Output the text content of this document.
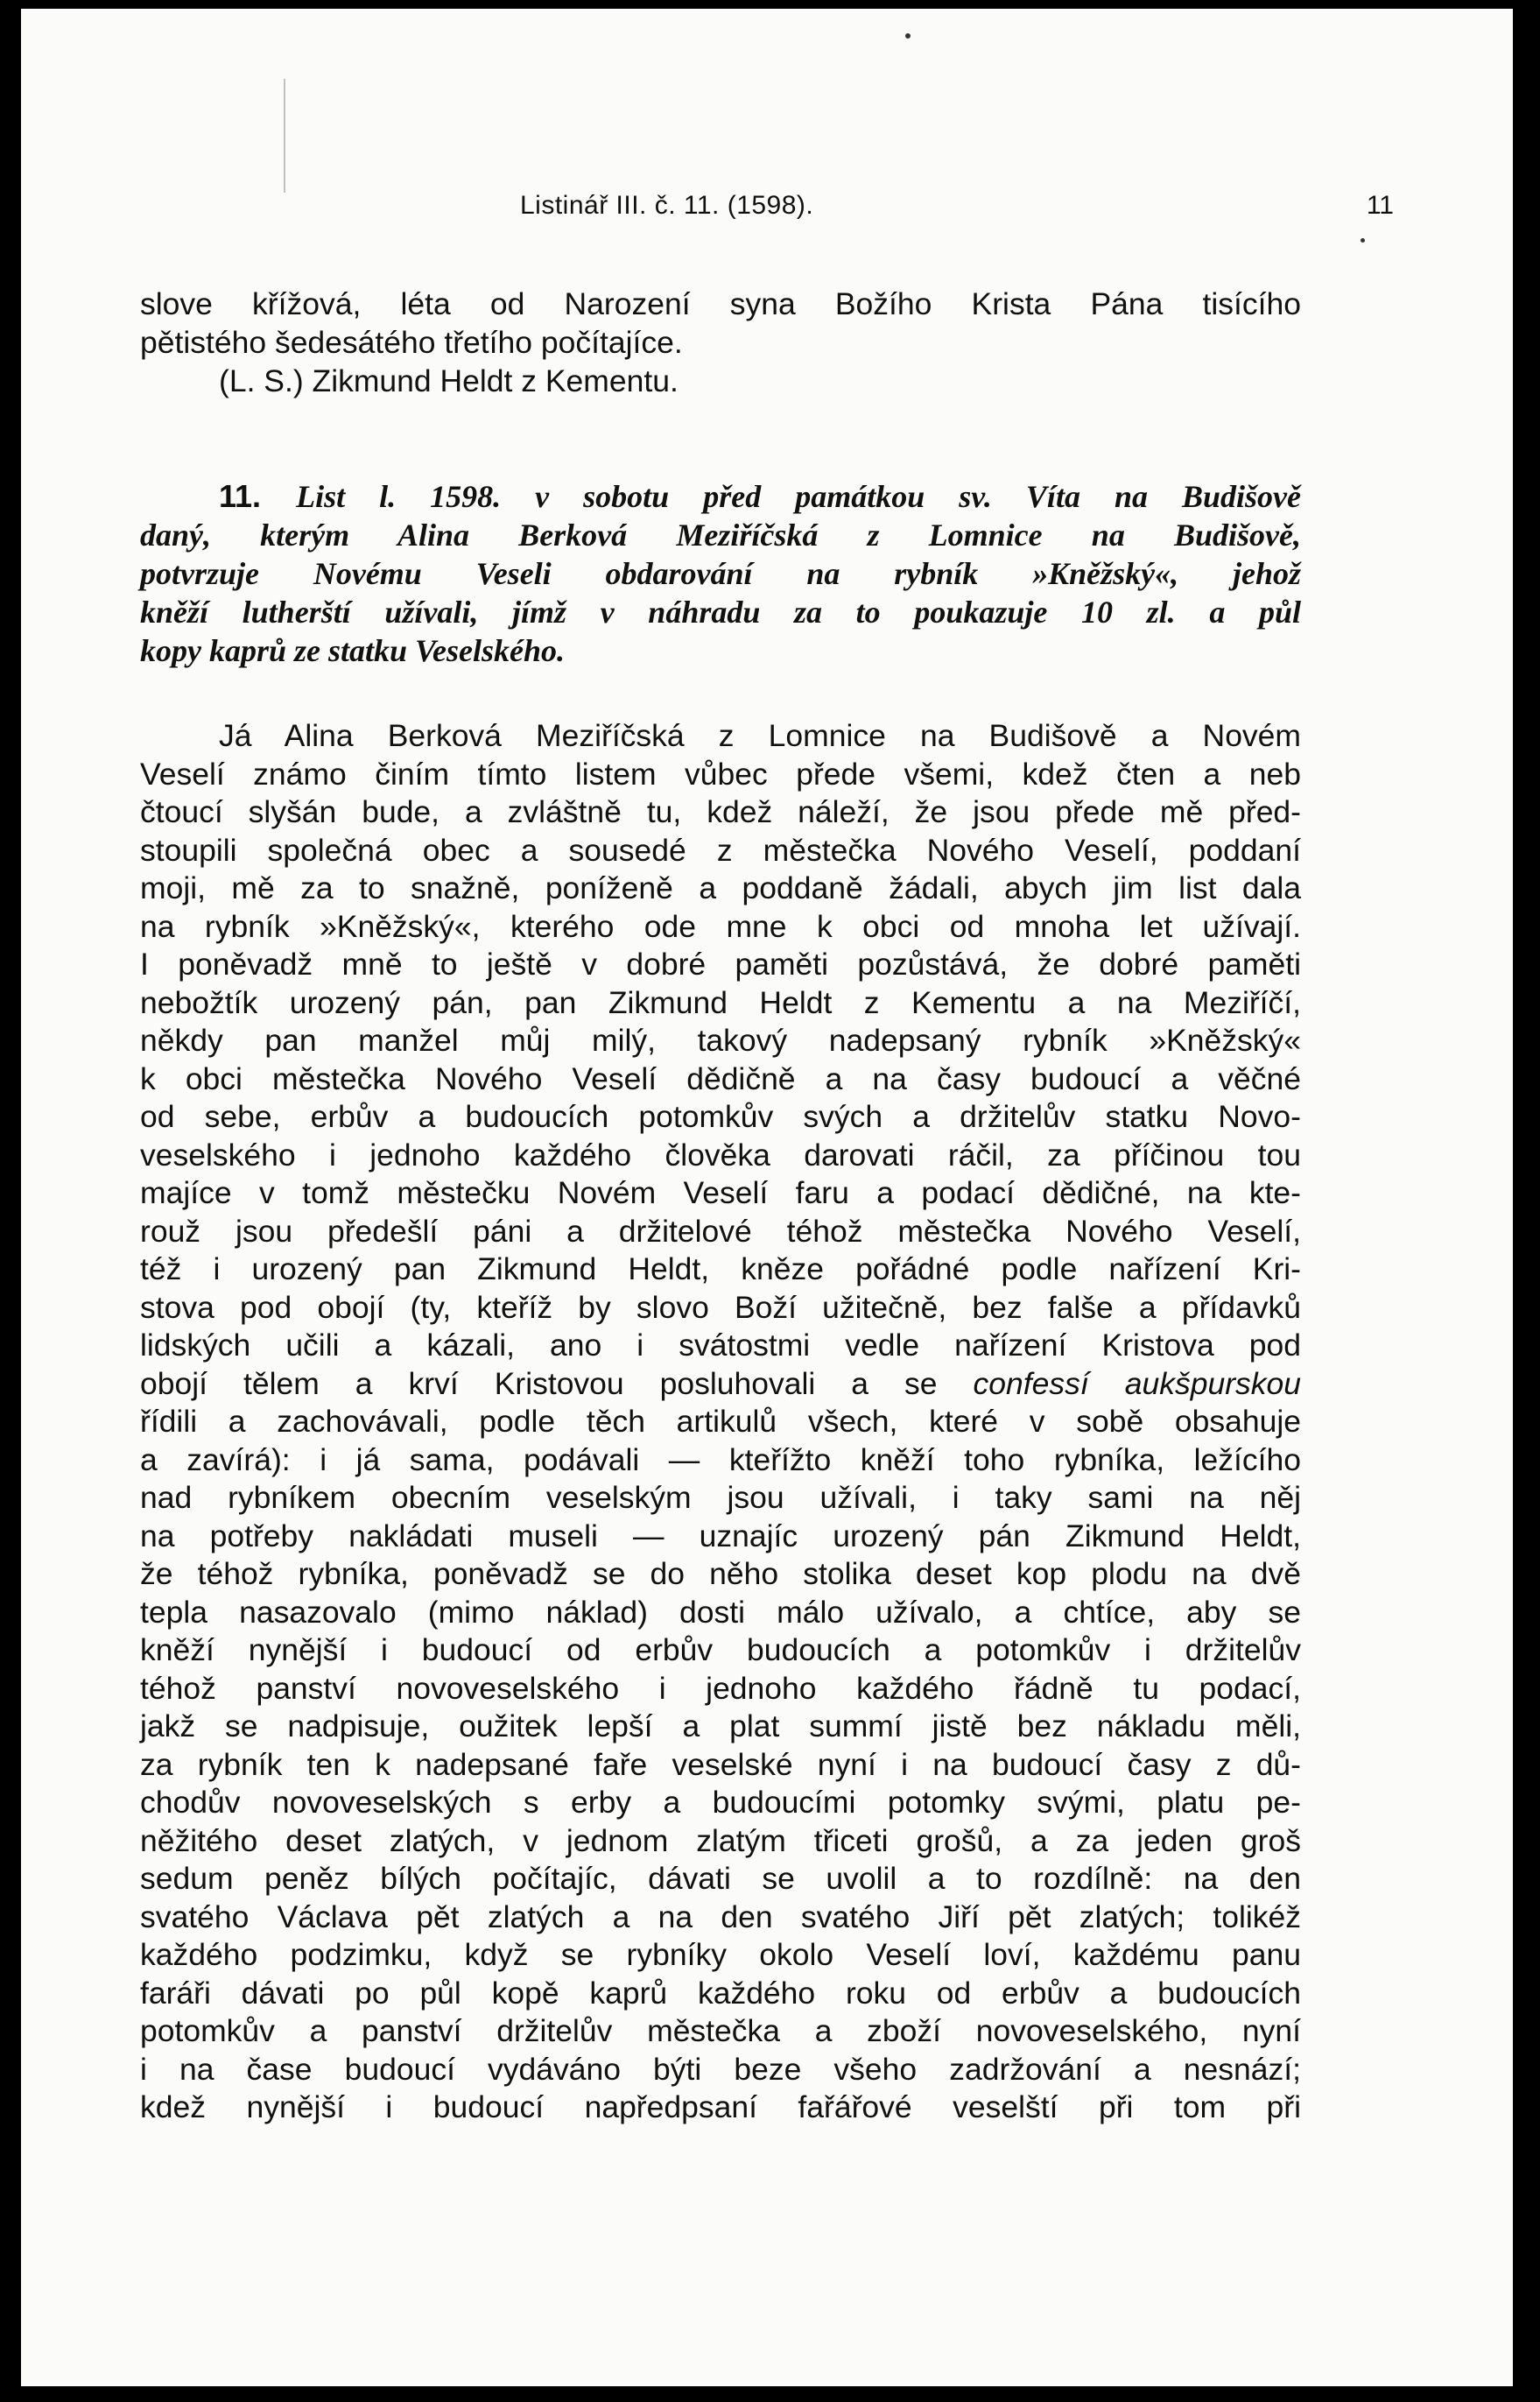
Listinář III. č. 11. (1598).	11
slove křížová, léta od Narození syna Božího Krista Pána tisícího
pětistého šedesátého třetího počítajíce.
(L. S.) Zikmund Heldt z Kementu.
11. List l. 1598. v sobotu před památkou sv. Víta na Budišově
daný, kterým Alina Berková Meziříčská z Lomnice na Budišově,
potvrzuje Novému Veseli obdarování na rybník »Kněžský«, jehož
kněží lutherští užívali, jímž v náhradu za to poukazuje 10 zl. a půl
kopy kaprů ze statku Veselského.
Já Alina Berková Meziříčská z Lomnice na Budišově a Novém
Veselí známo činím tímto listem vůbec přede všemi, kdež čten a neb
čtoucí slyšán bude, a zvláštně tu, kdež náleží, že jsou přede mě před-
stoupili společná obec a sousedé z městečka Nového Veselí, poddaní
moji, mě za to snažně, poníženě a poddaně žádali, abych jim list dala
na rybník »Kněžský«, kterého ode mne k obci od mnoha let užívají.
I poněvadž mně to ještě v dobré paměti pozůstává, že dobré paměti
nebožtík urozený pán, pan Zikmund Heldt z Kementu a na Meziříčí,
někdy pan manžel můj milý, takový nadepsaný rybník »Kněžský«
k obci městečka Nového Veselí dědičně a na časy budoucí a věčné
od sebe, erbův a budoucích potomkův svých a držitelův statku Novo-
veselského i jednoho každého člověka darovati ráčil, za příčinou tou
majíce v tomž městečku Novém Veselí faru a podací dědičné, na kte-
rouž jsou předešlí páni a držitelové téhož městečka Nového Veselí,
též i urozený pan Zikmund Heldt, kněze pořádné podle nařízení Kri-
stova pod obojí (ty, kteříž by slovo Boží užitečně, bez falše a přídavků
lidských učili a kázali, ano i svátostmi vedle nařízení Kristova pod
obojí tělem a krví Kristovou posluhovali a se confessí aukšpurskou
řídili a zachovávali, podle těch artikulů všech, které v sobě obsahuje
a zavírá): i já sama, podávali — kteřížto kněží toho rybníka, ležícího
nad rybníkem obecním veselským jsou užívali, i taky sami na něj
na potřeby nakládati museli — uznajíc urozený pán Zikmund Heldt,
že téhož rybníka, poněvadž se do něho stolika deset kop plodu na dvě
tepla nasazovalo (mimo náklad) dosti málo užívalo, a chtíce, aby se
kněží nynější i budoucí od erbův budoucích a potomkův i držitelův
téhož panství novoveselského i jednoho každého řádně tu podací,
jakž se nadpisuje, oužitek lepší a plat summí jistě bez nákladu měli,
za rybník ten k nadepsané faře veselské nyní i na budoucí časy z dů-
chodův novoveselských s erby a budoucími potomky svými, platu pe-
něžitého deset zlatých, v jednom zlatým třiceti grošů, a za jeden groš
sedum peněz bílých počítajíc, dávati se uvolil a to rozdílně: na den
svatého Václava pět zlatých a na den svatého Jiří pět zlatých; tolikéž
každého podzimku, když se rybníky okolo Veselí loví, každému panu
faráři dávati po půl kopě kaprů každého roku od erbův a budoucích
potomkův a panství držitelův městečka a zboží novoveselského, nyní
i na čase budoucí vydáváno býti beze všeho zadržování a nesnází;
kdež nynější i budoucí napředpsaní fařářové veselští při tom při
